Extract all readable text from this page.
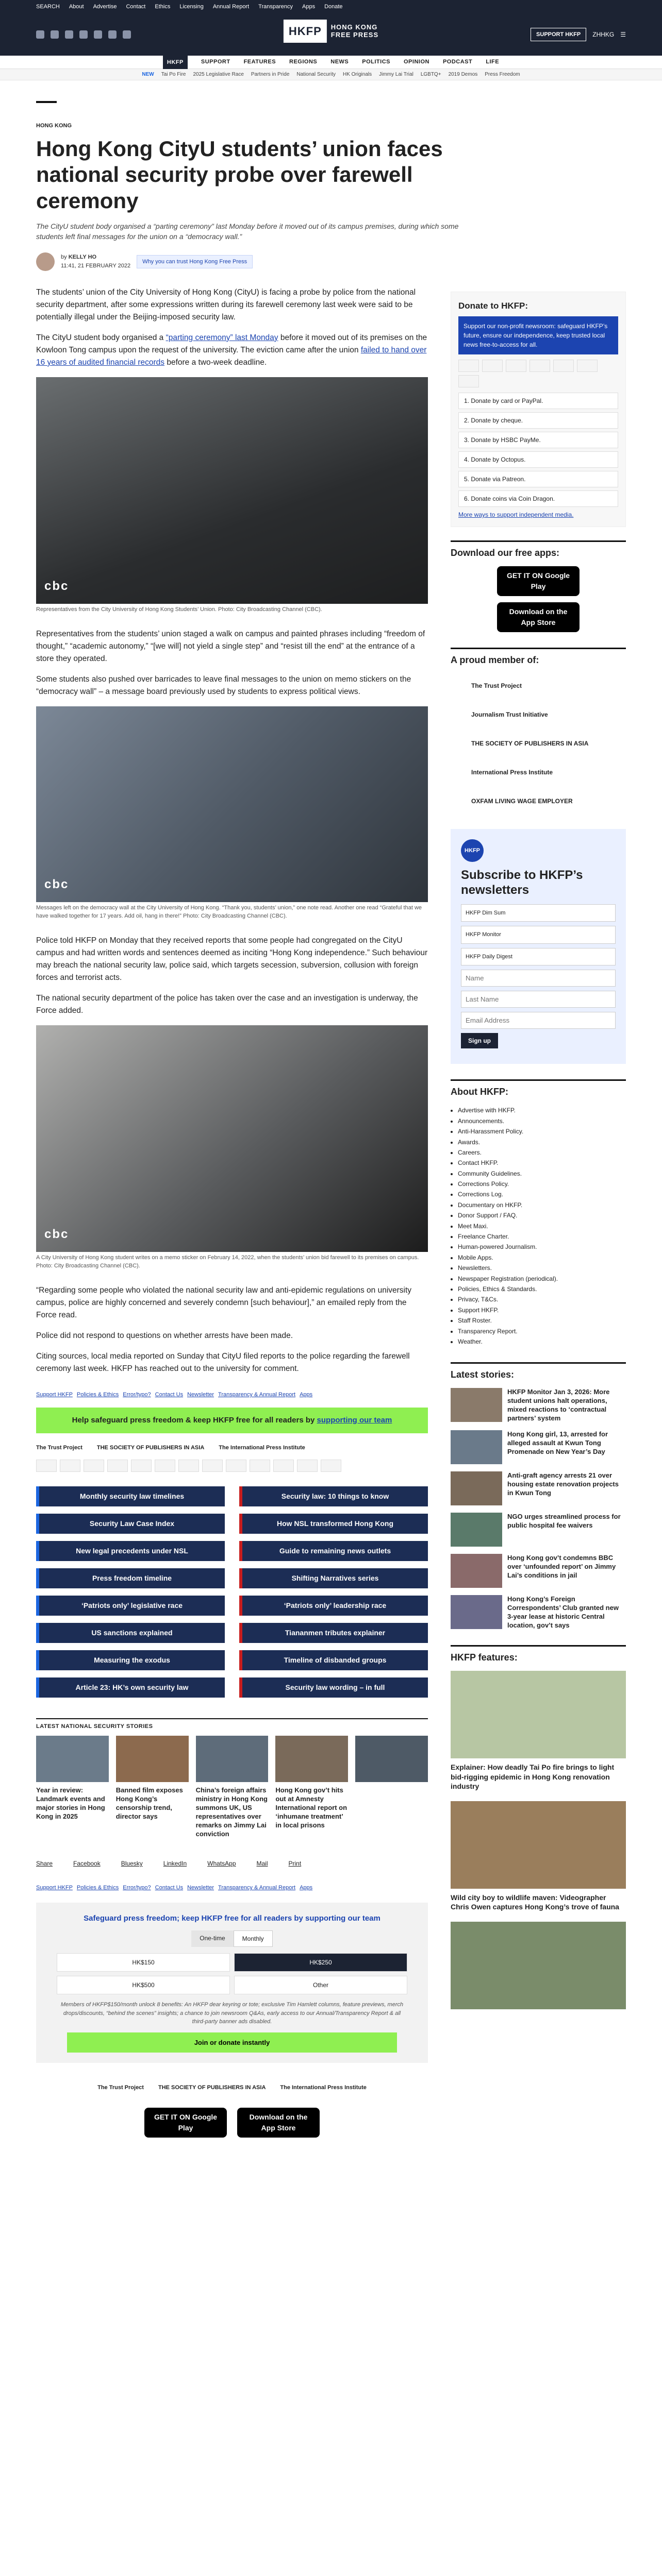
SEARCH About Advertise Contact Ethics Licensing Annual Report Transparency Apps Donate
HKFP	HONG KONG
FREE PRESS	SUPPORT HKFP	ZHHKG ☰
HKFP	SUPPORT FEATURES REGIONS NEWS POLITICS OPINION PODCAST LIFE
NEW Tai Po Fire 2025 Legislative Race Partners in Pride National Security HK Originals Jimmy Lai Trial LGBTQ+ 2019 Demos Press Freedom
HONG KONG
Hong Kong CityU students’ union faces national security probe over farewell ceremony
The CityU student body organised a “parting ceremony” last Monday before it moved out of its campus premises, during which some students left final messages for the union on a “democracy wall.”
by KELLY HO
11:41, 21 FEBRUARY 2022
Why you can trust Hong Kong Free Press

The students’ union of the City University of Hong Kong (CityU) is facing a probe by police from the national security department, after some expressions written during its farewell ceremony last week were said to be potentially illegal under the Beijing-imposed security law.

The CityU student body organised a “parting ceremony” last Monday before it moved out of its premises on the Kowloon Tong campus upon the request of the university. The eviction came after the union failed to hand over 16 years of audited financial records before a two-week deadline.

cbc
Representatives from the City University of Hong Kong Students’ Union. Photo: City Broadcasting Channel (CBC).

Representatives from the students’ union staged a walk on campus and painted phrases including “freedom of thought,” “academic autonomy,” “[we will] not yield a single step” and “resist till the end” at the entrance of a store they operated.

Some students also pushed over barricades to leave final messages to the union on memo stickers on the “democracy wall” – a message board previously used by students to express political views.

cbc
Messages left on the democracy wall at the City University of Hong Kong. “Thank you, students’ union,” one note read. Another one read “Grateful that we have walked together for 17 years. Add oil, hang in there!” Photo: City Broadcasting Channel (CBC).

Police told HKFP on Monday that they received reports that some people had congregated on the CityU campus and had written words and sentences deemed as inciting “Hong Kong independence.” Such behaviour may breach the national security law, police said, which targets secession, subversion, collusion with foreign forces and terrorist acts.

The national security department of the police has taken over the case and an investigation is underway, the Force added.

cbc
A City University of Hong Kong student writes on a memo sticker on February 14, 2022, when the students’ union bid farewell to its premises on campus. Photo: City Broadcasting Channel (CBC).

“Regarding some people who violated the national security law and anti-epidemic regulations on university campus, police are highly concerned and severely condemn [such behaviour],” an emailed reply from the Force read.

Police did not respond to questions on whether arrests have been made.

Citing sources, local media reported on Sunday that CityU filed reports to the police regarding the farewell ceremony last week. HKFP has reached out to the university for comment.

Support HKFP Policies & Ethics Error/typo? Contact Us Newsletter Transparency & Annual Report Apps
Help safeguard press freedom & keep HKFP free for all readers by supporting our team
The Trust Project	THE SOCIETY OF PUBLISHERS IN ASIA	The International Press Institute
Monthly security law timelines	Security law: 10 things to know
Security Law Case Index	How NSL transformed Hong Kong
New legal precedents under NSL	Guide to remaining news outlets
Press freedom timeline	Shifting Narratives series
‘Patriots only’ legislative race	‘Patriots only’ leadership race
US sanctions explained	Tiananmen tributes explainer
Measuring the exodus	Timeline of disbanded groups
Article 23: HK’s own security law	Security law wording – in full
LATEST NATIONAL SECURITY STORIES
Year in review: Landmark events and major stories in Hong Kong in 2025
Banned film exposes Hong Kong’s censorship trend, director says
China’s foreign affairs ministry in Hong Kong summons UK, US representatives over remarks on Jimmy Lai conviction
Hong Kong gov’t hits out at Amnesty International report on ‘inhumane treatment’ in local prisons
Share	Facebook	Bluesky	LinkedIn	WhatsApp	Mail	Print
Support HKFP Policies & Ethics Error/typo? Contact Us Newsletter Transparency & Annual Report Apps
Safeguard press freedom; keep HKFP free for all readers by supporting our team
One-time	Monthly
HK$150	HK$250
HK$500	Other
Members of HKFP$150/month unlock 8 benefits: An HKFP dear keyring or tote; exclusive Tim Hamlett columns, feature previews, merch drops/discounts, “behind the scenes” insights; a chance to join newsroom Q&As, early access to our Annual/Transparency Report & all third-party banner ads disabled.
Join or donate instantly
The Trust Project	THE SOCIETY OF PUBLISHERS IN ASIA	The International Press Institute
GET IT ON Google Play
Download on the App Store
Donate to HKFP:
Support our non-profit newsroom: safeguard HKFP’s future, ensure our independence, keep trusted local news free-to-access for all.
1. Donate by card or PayPal.
2. Donate by cheque.
3. Donate by HSBC PayMe.
4. Donate by Octopus.
5. Donate via Patreon.
6. Donate coins via Coin Dragon.
More ways to support independent media.
Download our free apps:
GET IT ON Google Play
Download on the App Store
A proud member of:
The Trust Project
Journalism Trust Initiative
THE SOCIETY OF PUBLISHERS IN ASIA
International Press Institute
OXFAM LIVING WAGE EMPLOYER
HKFP
Subscribe to HKFP’s newsletters
HKFP Dim Sum
HKFP Monitor
HKFP Daily Digest
Name Last Name Email Address Sign up
About HKFP:
• Advertise with HKFP.
• Announcements.
• Anti-Harassment Policy.
• Awards.
• Careers.
• Contact HKFP.
• Community Guidelines.
• Corrections Policy.
• Corrections Log.
• Documentary on HKFP.
• Donor Support / FAQ.
• Meet Maxi.
• Freelance Charter.
• Human-powered Journalism.
• Mobile Apps.
• Newsletters.
• Newspaper Registration (periodical).
• Policies, Ethics & Standards.
• Privacy, T&Cs.
• Support HKFP.
• Staff Roster.
• Transparency Report.
• Weather.
Latest stories:
HKFP Monitor Jan 3, 2026: More student unions halt operations, mixed reactions to ‘contractual partners’ system
Hong Kong girl, 13, arrested for alleged assault at Kwun Tong Promenade on New Year’s Day
Anti-graft agency arrests 21 over housing estate renovation projects in Kwun Tong
NGO urges streamlined process for public hospital fee waivers
Hong Kong gov’t condemns BBC over ‘unfounded report’ on Jimmy Lai’s conditions in jail
Hong Kong’s Foreign Correspondents’ Club granted new 3-year lease at historic Central location, gov’t says
HKFP features:
Explainer: How deadly Tai Po fire brings to light bid-rigging epidemic in Hong Kong renovation industry
Wild city boy to wildlife maven: Videographer Chris Owen captures Hong Kong’s trove of fauna
